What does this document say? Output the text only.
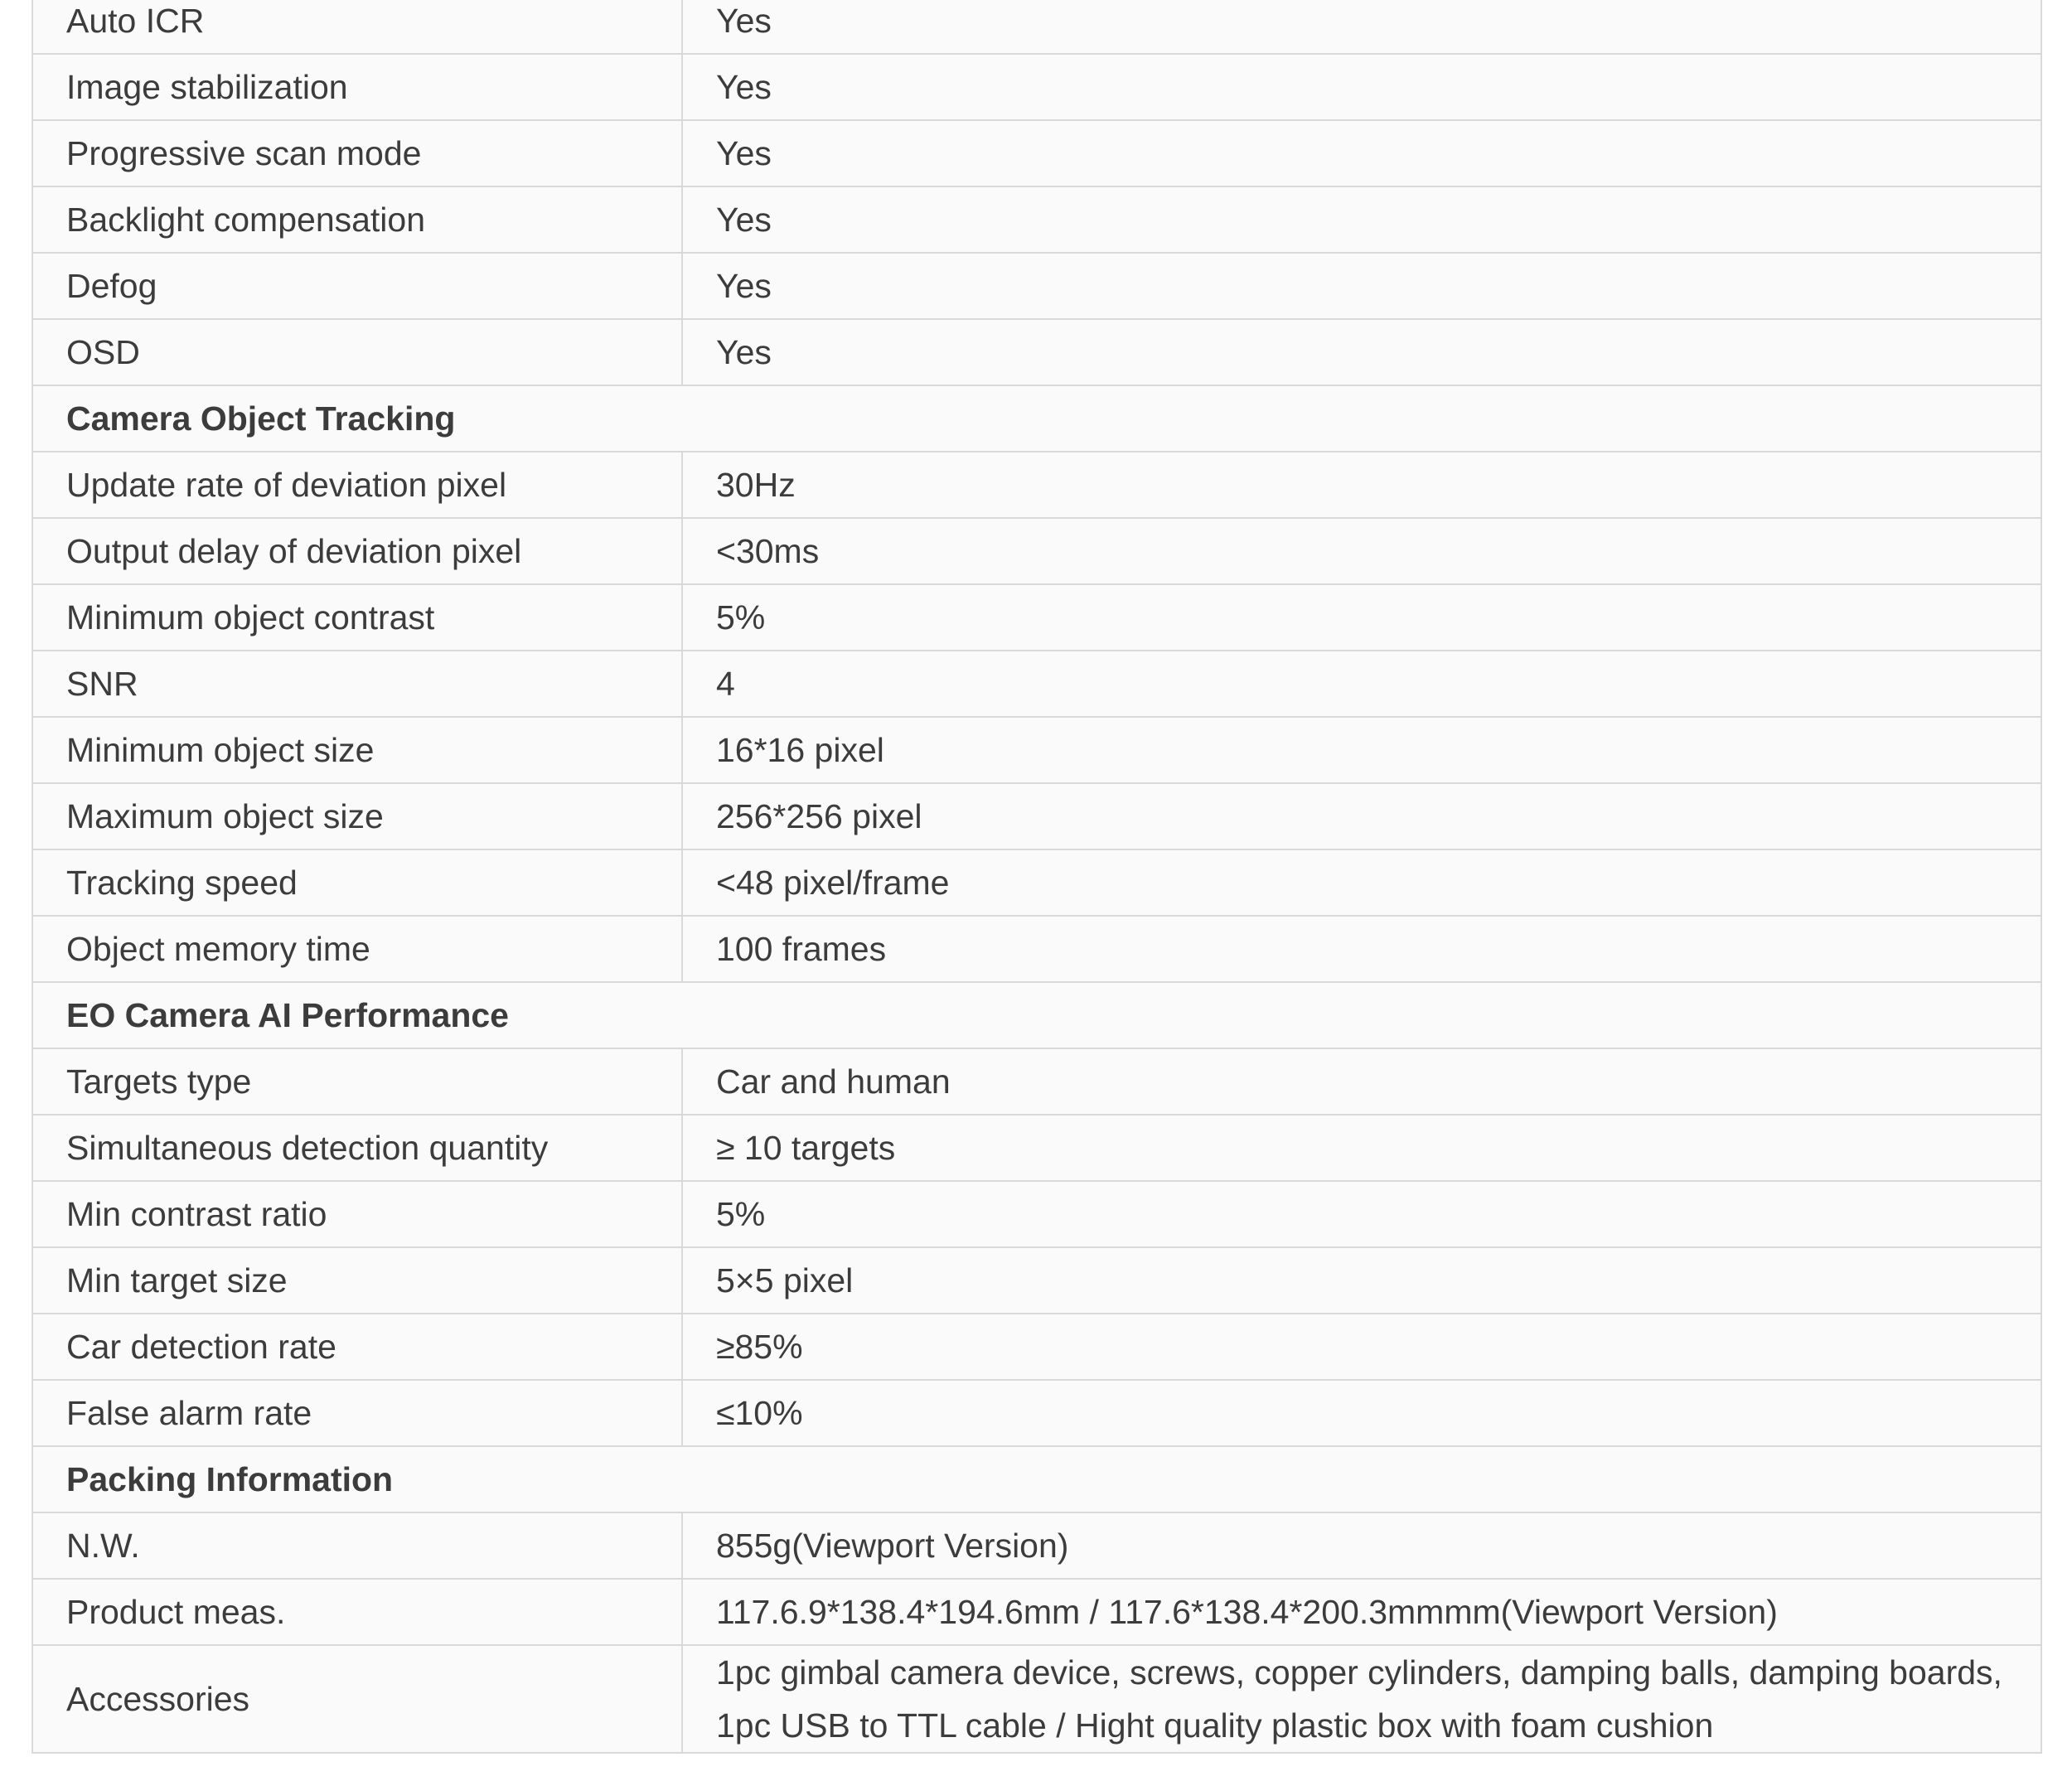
Auto ICR	Yes
Image stabilization	Yes
Progressive scan mode	Yes
Backlight compensation	Yes
Defog	Yes
OSD	Yes
Camera Object Tracking	
Update rate of deviation pixel	30Hz
Output delay of deviation pixel	<30ms
Minimum object contrast	5%
SNR	4
Minimum object size	16*16 pixel
Maximum object size	256*256 pixel
Tracking speed	<48 pixel/frame
Object memory time	100 frames
EO Camera AI Performance	
Targets type	Car and human
Simultaneous detection quantity	≥ 10 targets
Min contrast ratio	5%
Min target size	5×5 pixel
Car detection rate	≥85%
False alarm rate	≤10%
Packing Information	
N.W.	855g(Viewport Version)
Product meas.	117.6.9*138.4*194.6mm / 117.6*138.4*200.3mmmm(Viewport Version)
Accessories	1pc gimbal camera device, screws, copper cylinders, damping balls, damping boards, 1pc USB to TTL cable / Hight quality plastic box with foam cushion
